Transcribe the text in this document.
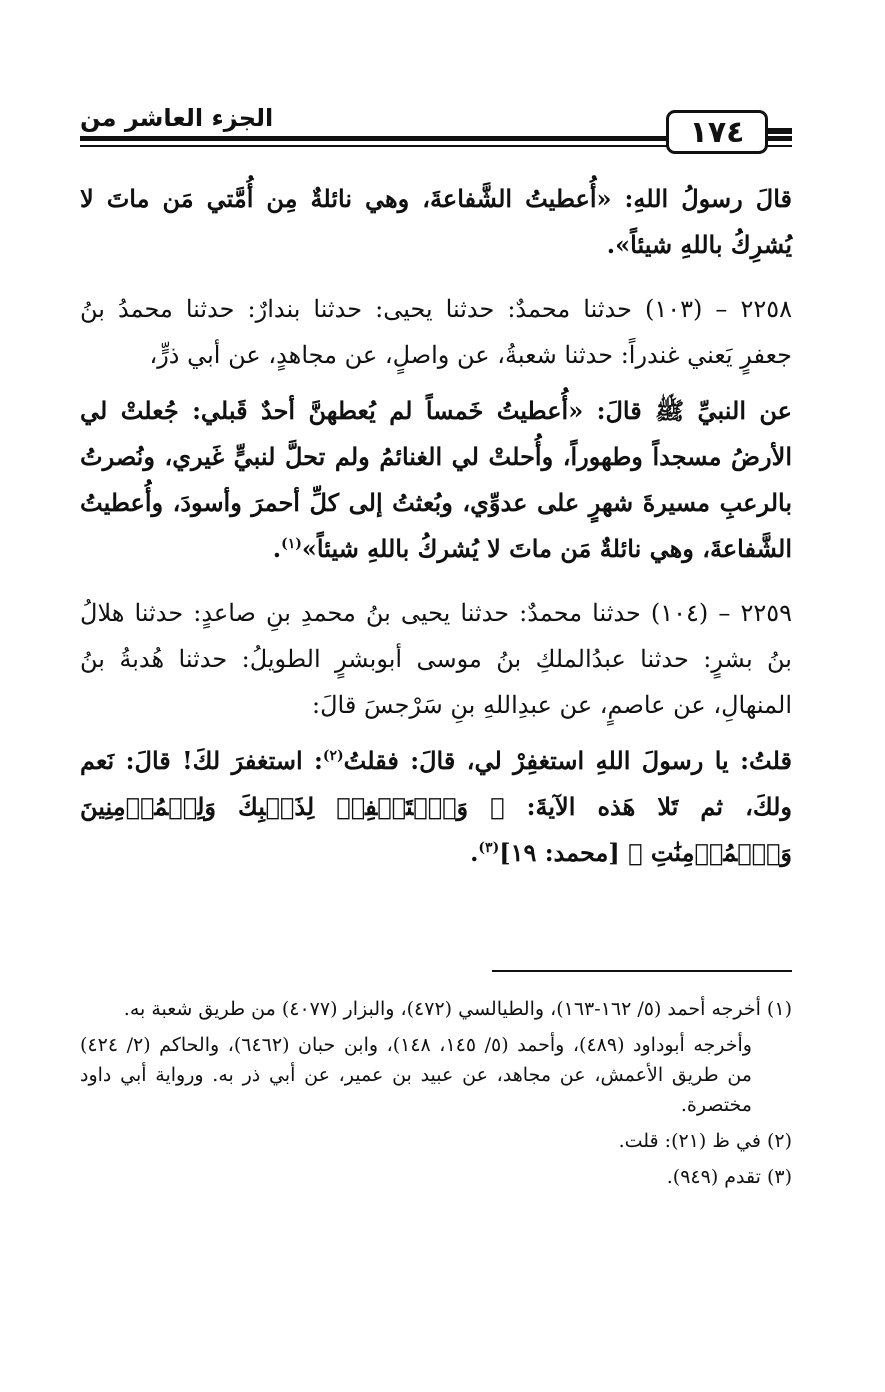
الجزء العاشر من	١٧٤

قالَ رسولُ اللهِ: «أُعطيتُ الشَّفاعةَ، وهي نائلةٌ مِن أُمَّتي مَن ماتَ لا يُشرِكُ باللهِ شيئاً».

٢٢٥٨ – (١٠٣) حدثنا محمدٌ: حدثنا يحيى: حدثنا بندارٌ: حدثنا محمدُ بنُ جعفرٍ يَعني غندراً: حدثنا شعبةُ، عن واصلٍ، عن مجاهدٍ، عن أبي ذرٍّ،

عن النبيِّ ﷺ قالَ: «أُعطيتُ خَمساً لم يُعطهنَّ أحدٌ قَبلي: جُعلتْ لي الأرضُ مسجداً وطهوراً، وأُحلتْ لي الغنائمُ ولم تحلَّ لنبيٍّ غَيري، ونُصرتُ بالرعبِ مسيرةَ شهرٍ على عدوِّي، وبُعثتُ إلى كلِّ أحمرَ وأسودَ، وأُعطيتُ الشَّفاعةَ، وهي نائلةٌ مَن ماتَ لا يُشركُ باللهِ شيئاً»$^{(١)}$.

٢٢٥٩ – (١٠٤) حدثنا محمدٌ: حدثنا يحيى بنُ محمدِ بنِ صاعدٍ: حدثنا هلالُ بنُ بشرٍ: حدثنا عبدُالملكِ بنُ موسى أبوبشرٍ الطويلُ: حدثنا هُدبةُ بنُ المنهالِ، عن عاصمٍ، عن عبدِاللهِ بنِ سَرْجسَ قالَ:

قلتُ: يا رسولَ اللهِ استغفِرْ لي، قالَ: فقلتُ$^{(٢)}$: استغفرَ لكَ! قالَ: نَعم ولكَ، ثم تَلا هَذه الآيةَ: ﴿ وَٱسۡتَغۡفِرۡ لِذَنۢبِكَ وَلِلۡمُؤۡمِنِينَ وَٱلۡمُؤۡمِنَٰتِ ﴾ [محمد: ١٩]$^{(٣)}$.

(١) أخرجه أحمد (٥/ ١٦٢-١٦٣)، والطيالسي (٤٧٢)، والبزار (٤٠٧٧) من طريق شعبة به.

وأخرجه أبوداود (٤٨٩)، وأحمد (٥/ ١٤٥، ١٤٨)، وابن حبان (٦٤٦٢)، والحاكم (٢/ ٤٢٤) من طريق الأعمش، عن مجاهد، عن عبيد بن عمير، عن أبي ذر به. ورواية أبي داود مختصرة.

(٢) في ظ (٢١): قلت.

(٣) تقدم (٩٤٩).
